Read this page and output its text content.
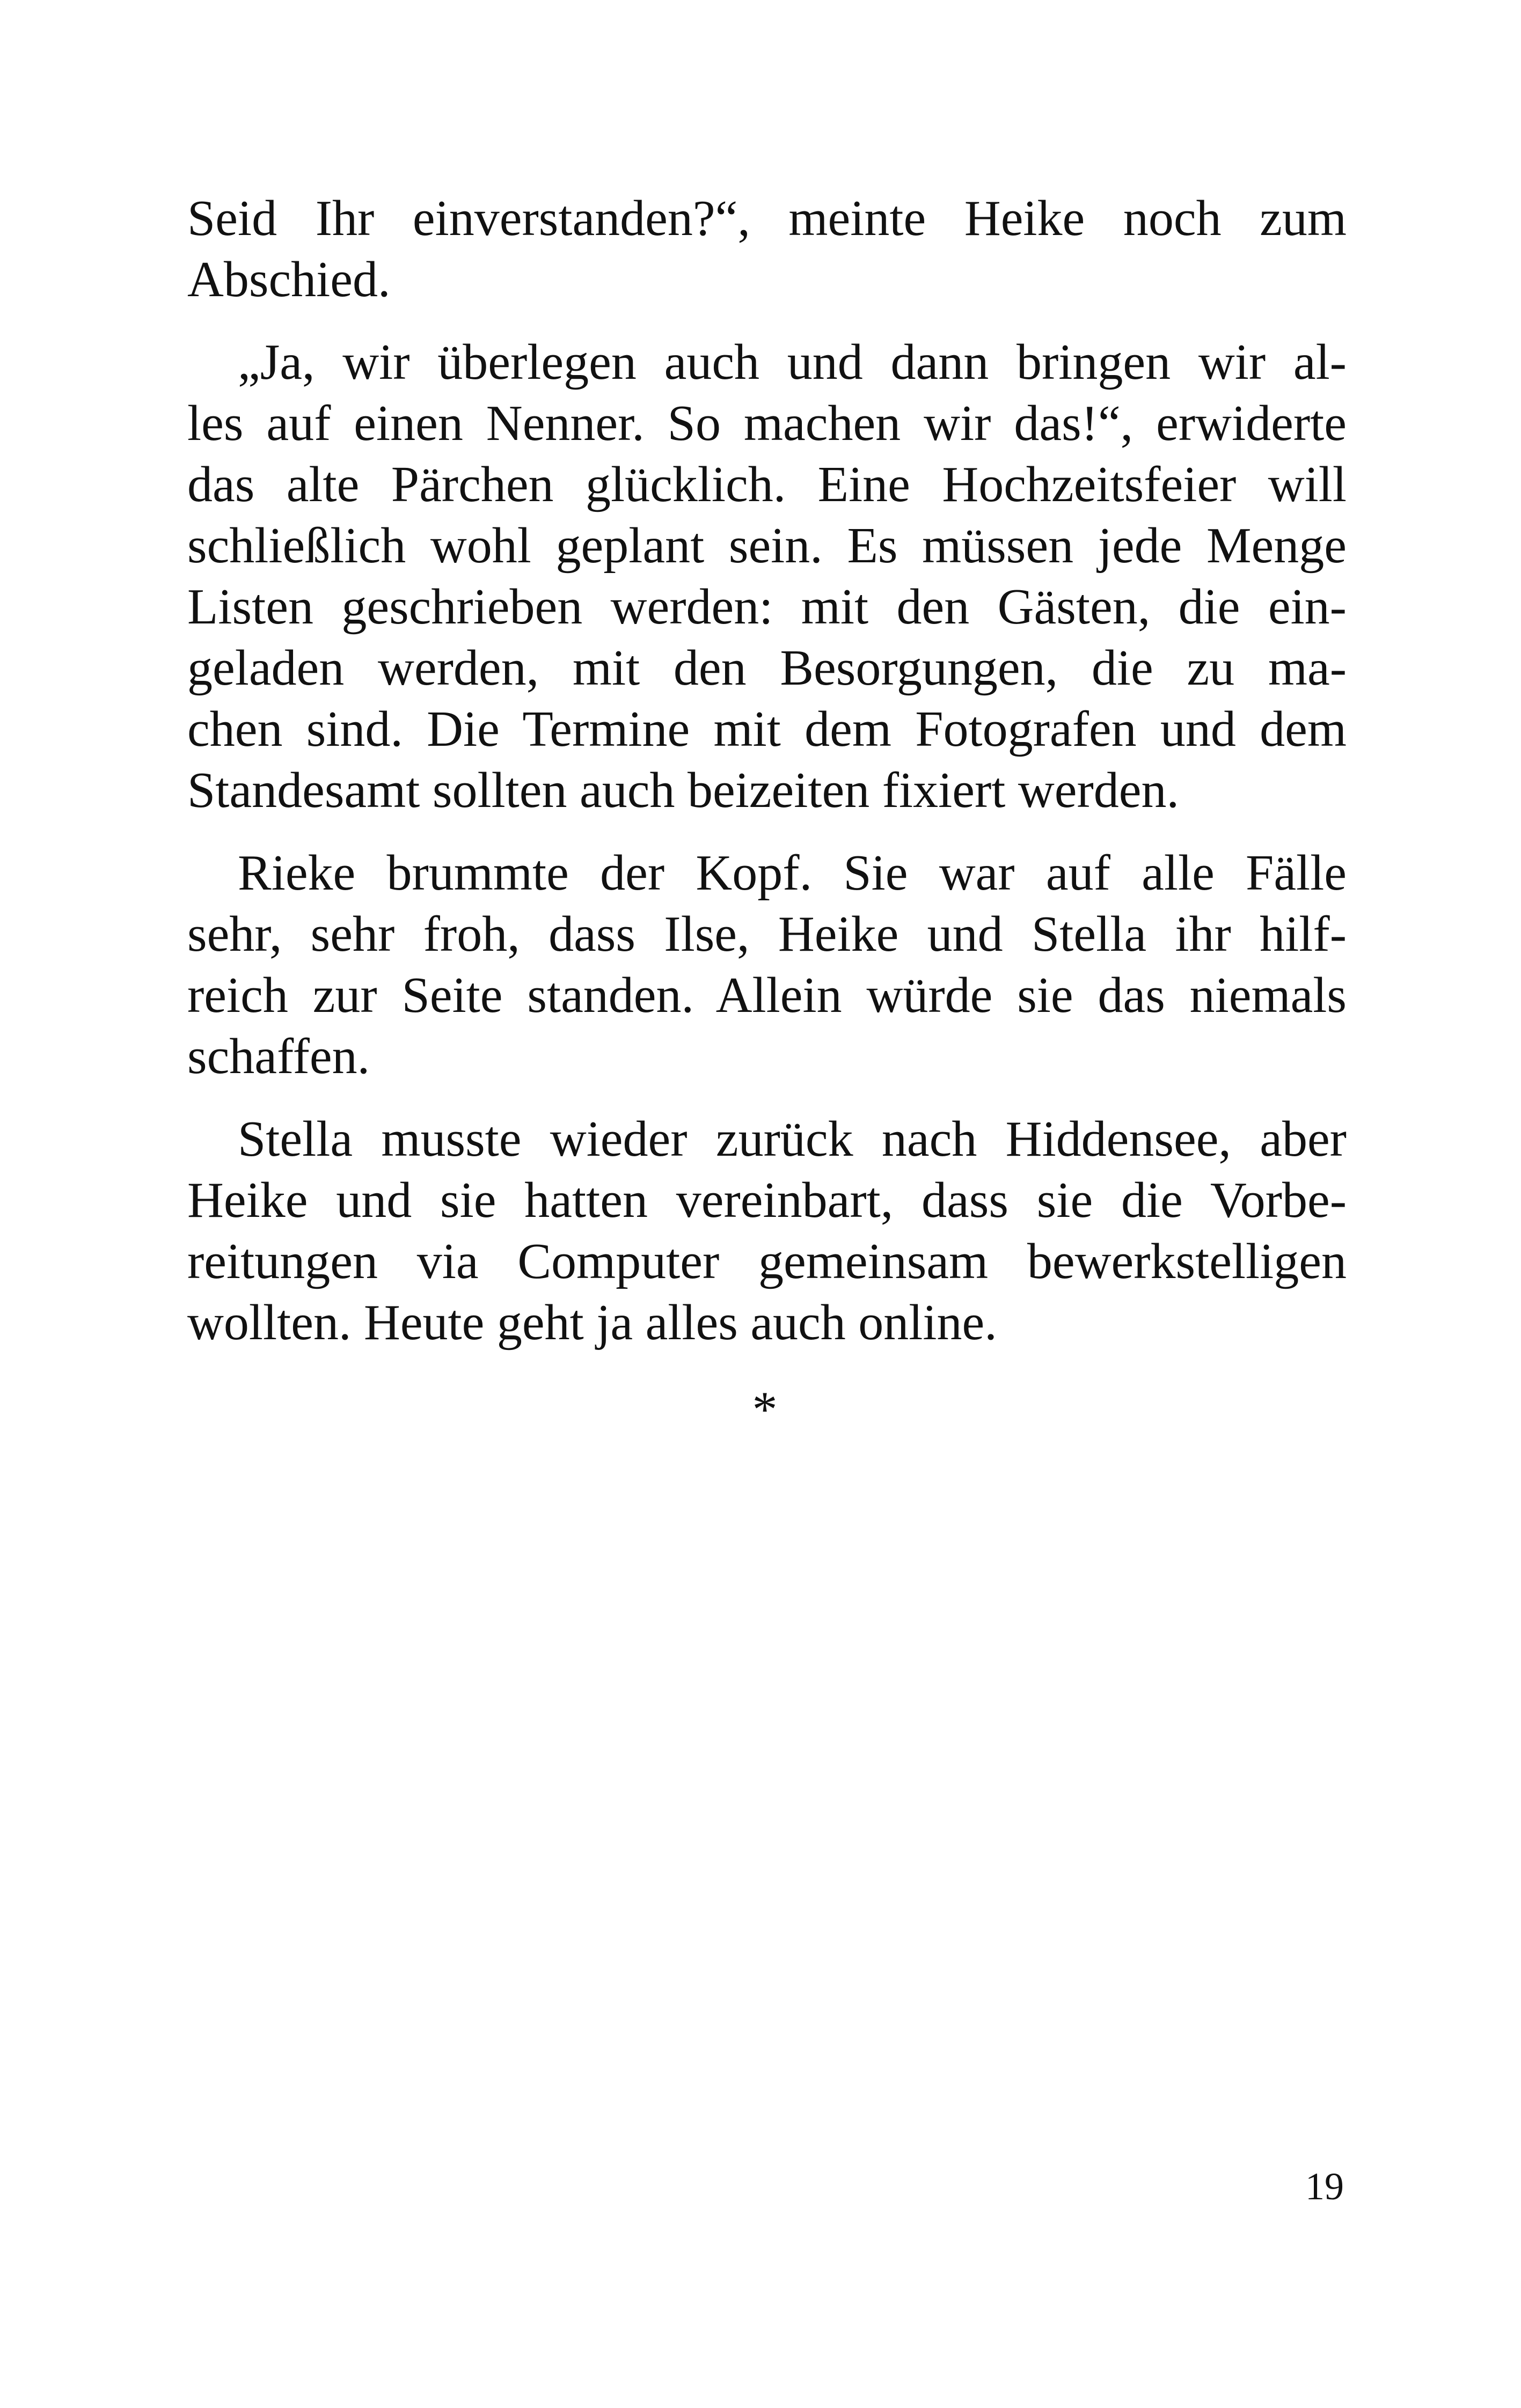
Seid Ihr einverstanden?“, meinte Heike noch zum
Abschied.

„Ja, wir überlegen auch und dann bringen wir al-
les auf einen Nenner. So machen wir das!“, erwiderte
das alte Pärchen glücklich. Eine Hochzeitsfeier will
schließlich wohl geplant sein. Es müssen jede Menge
Listen geschrieben werden: mit den Gästen, die ein-
geladen werden, mit den Besorgungen, die zu ma-
chen sind. Die Termine mit dem Fotografen und dem
Standesamt sollten auch beizeiten fixiert werden.

Rieke brummte der Kopf. Sie war auf alle Fälle
sehr, sehr froh, dass Ilse, Heike und Stella ihr hilf-
reich zur Seite standen. Allein würde sie das niemals
schaffen.

Stella musste wieder zurück nach Hiddensee, aber
Heike und sie hatten vereinbart, dass sie die Vorbe-
reitungen via Computer gemeinsam bewerkstelligen
wollten. Heute geht ja alles auch online.

*
19
